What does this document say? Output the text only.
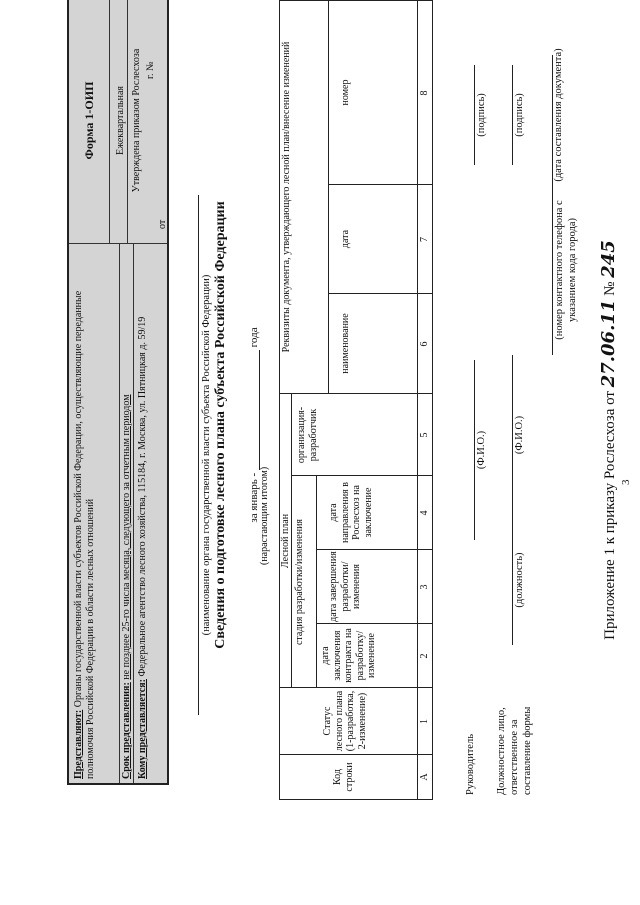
Приложение 1 к приказу Рослесхоза от 27.06.11 № 245
Представляют: Органы государственной власти субъектов Российской Федерации, осуществляющие переданные полномочия Российской Федерации в области лесных отношений	Срок представления: не позднее 25-го числа месяца, следующего за отчетным периодом
Кому представляется: Федеральное агентство лесного хозяйства, 115184, г. Москва, ул. Пятницкая д. 59/19
Форма 1-ОИП Ежеквартальная Утверждена приказом Рослесхоза
от
г. №
(наименование органа государственной власти субъекта Российской Федерации) Сведения о подготовке лесного плана субъекта Российской Федерации за январь -  года
(нарастающим итогом)
Код строки
Статус лесного плана (1-разработка, 2-изменение)
Лесной план стадия разработки/изменения
дата заключения контракта на разработку/ изменение
дата завершения разработки/ изменения
дата направления в Рослесхоз на заключение
организация-разработчик
Реквизиты документа, утверждающего лесной план/внесение изменений	наименование
дата
номер
А
1
2
3
4
5
6
7
8
Руководитель Должностное лицо, ответственное за составление формы
(Ф.И.О.)
(подпись)
(должность)
(Ф.И.О.)
(подпись)
(номер контактного телефона с указанием кода города)
(дата составления документа)
3
